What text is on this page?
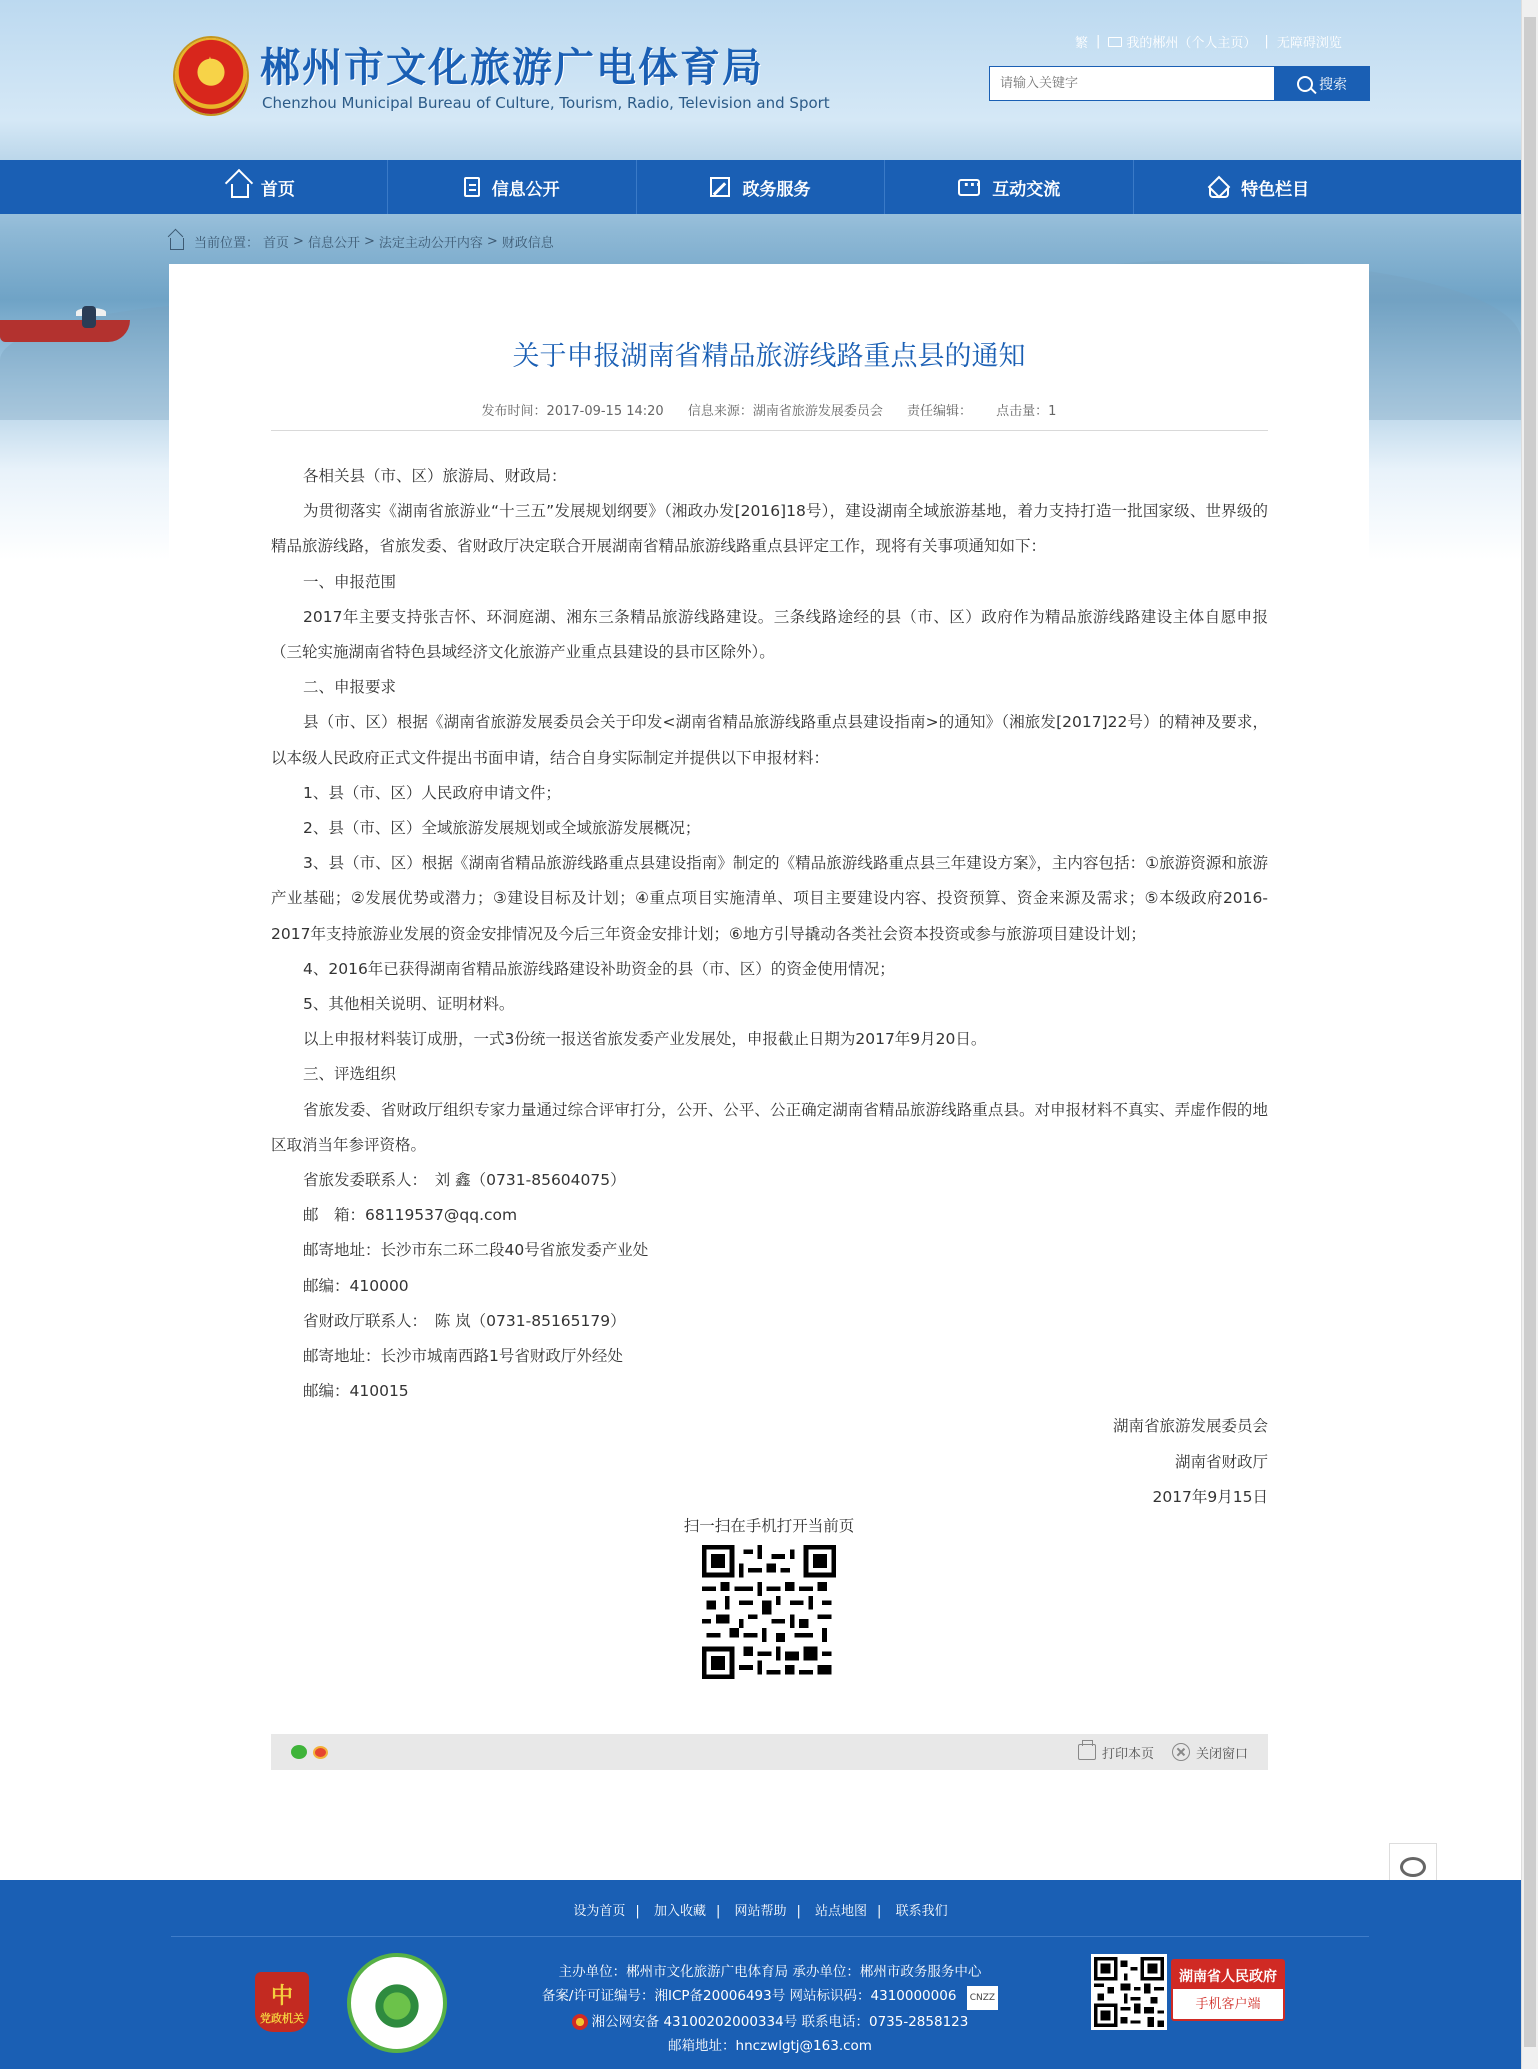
★ 郴州市文化旅游广电体育局
Chenzhou Municipal Bureau of Culture, Tourism, Radio, Television and Sport
繁 | 我的郴州（个人主页） | 无障碍浏览
请输入关键字
搜索
首页	信息公开	政务服务
···	互动交流	特色栏目
当前位置： 首页 > 信息公开 > 法定主动公开内容 > 财政信息
关于申报湖南省精品旅游线路重点县的通知
发布时间：2017-09-15 14:20 信息来源：湖南省旅游发展委员会 责任编辑： 点击量：1

各相关县（市、区）旅游局、财政局：

为贯彻落实《湖南省旅游业“十三五”发展规划纲要》（湘政办发[2016]18号），建设湖南全域旅游基地，着力支持打造一批国家级、世界级的精品旅游线路，省旅发委、省财政厅决定联合开展湖南省精品旅游线路重点县评定工作，现将有关事项通知如下：

一、申报范围

2017年主要支持张吉怀、环洞庭湖、湘东三条精品旅游线路建设。三条线路途经的县（市、区）政府作为精品旅游线路建设主体自愿申报（三轮实施湖南省特色县域经济文化旅游产业重点县建设的县市区除外）。

二、申报要求

县（市、区）根据《湖南省旅游发展委员会关于印发<湖南省精品旅游线路重点县建设指南>的通知》（湘旅发[2017]22号）的精神及要求，以本级人民政府正式文件提出书面申请，结合自身实际制定并提供以下申报材料：

1、县（市、区）人民政府申请文件；

2、县（市、区）全域旅游发展规划或全域旅游发展概况；

3、县（市、区）根据《湖南省精品旅游线路重点县建设指南》制定的《精品旅游线路重点县三年建设方案》，主内容包括：①旅游资源和旅游产业基础；②发展优势或潜力；③建设目标及计划；④重点项目实施清单、项目主要建设内容、投资预算、资金来源及需求；⑤本级政府2016-2017年支持旅游业发展的资金安排情况及今后三年资金安排计划；⑥地方引导撬动各类社会资本投资或参与旅游项目建设计划；

4、2016年已获得湖南省精品旅游线路建设补助资金的县（市、区）的资金使用情况；

5、其他相关说明、证明材料。

以上申报材料装订成册，一式3份统一报送省旅发委产业发展处，申报截止日期为2017年9月20日。

三、评选组织

省旅发委、省财政厅组织专家力量通过综合评审打分，公开、公平、公正确定湖南省精品旅游线路重点县。对申报材料不真实、弄虚作假的地区取消当年参评资格。

省旅发委联系人：　刘 鑫（0731-85604075）

邮　箱：68119537@qq.com

邮寄地址：长沙市东二环二段40号省旅发委产业处

邮编：410000

省财政厅联系人：　陈 岚（0731-85165179）

邮寄地址：长沙市城南西路1号省财政厅外经处

邮编：410015

湖南省旅游发展委员会

湖南省财政厅

2017年9月15日

扫一扫在手机打开当前页
打印本页	关闭窗口
设为首页 | 加入收藏 | 网站帮助 | 站点地图 | 联系我们
中
党政机关
主办单位：郴州市文化旅游广电体育局 承办单位：郴州市政务服务中心
备案/许可证编号：湘ICP备20006493号 网站标识码：4310000006 CNZZ
湘公网安备 43100202000334号 联系电话：0735-2858123
邮箱地址：hnczwlgtj@163.com
湖南省人民政府
手机客户端
